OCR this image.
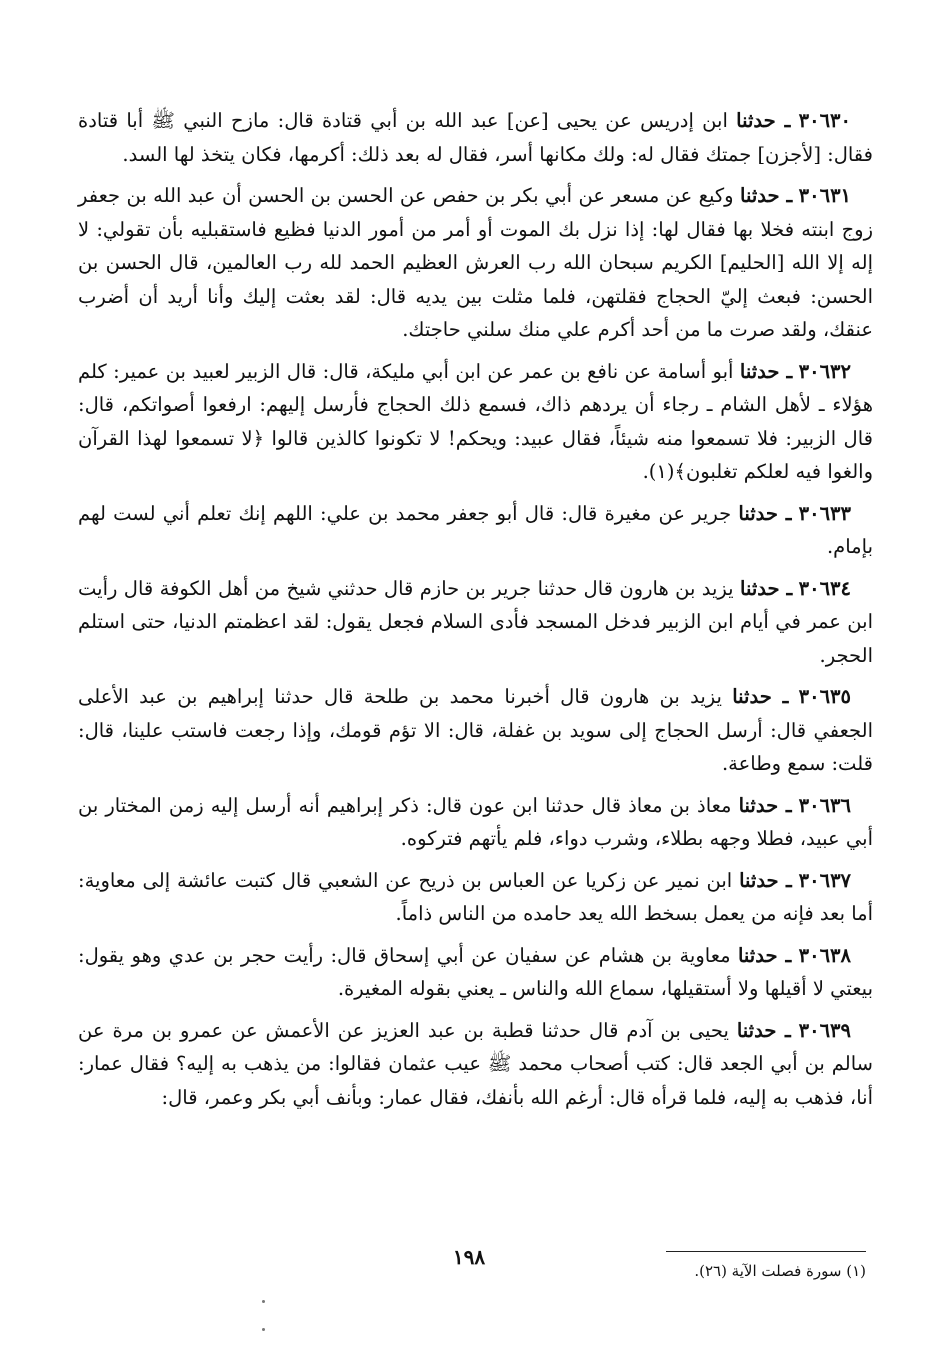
٣٠٦٣٠ ـ حدثنا ابن إدريس عن يحيى [عن] عبد الله بن أبي قتادة قال: مازح النبي ﷺ أبا قتادة فقال: [لأجزن] جمتك فقال له: ولك مكانها أسر، فقال له بعد ذلك: أكرمها، فكان يتخذ لها السد.

٣٠٦٣١ ـ حدثنا وكيع عن مسعر عن أبي بكر بن حفص عن الحسن بن الحسن أن عبد الله بن جعفر زوج ابنته فخلا بها فقال لها: إذا نزل بك الموت أو أمر من أمور الدنيا فظيع فاستقبليه بأن تقولي: لا إله إلا الله [الحليم] الكريم سبحان الله رب العرش العظيم الحمد لله رب العالمين، قال الحسن بن الحسن: فبعث إليّ الحجاج فقلتهن، فلما مثلت بين يديه قال: لقد بعثت إليك وأنا أريد أن أضرب عنقك، ولقد صرت ما من أحد أكرم علي منك سلني حاجتك.

٣٠٦٣٢ ـ حدثنا أبو أسامة عن نافع بن عمر عن ابن أبي مليكة، قال: قال الزبير لعبيد بن عمير: كلم هؤلاء ـ لأهل الشام ـ رجاء أن يردهم ذاك، فسمع ذلك الحجاج فأرسل إليهم: ارفعوا أصواتكم، قال: قال الزبير: فلا تسمعوا منه شيئاً، فقال عبيد: ويحكم! لا تكونوا كالذين قالوا ﴿لا تسمعوا لهذا القرآن والغوا فيه لعلكم تغلبون﴾(١).

٣٠٦٣٣ ـ حدثنا جرير عن مغيرة قال: قال أبو جعفر محمد بن علي: اللهم إنك تعلم أني لست لهم بإمام.

٣٠٦٣٤ ـ حدثنا يزيد بن هارون قال حدثنا جرير بن حازم قال حدثني شيخ من أهل الكوفة قال رأيت ابن عمر في أيام ابن الزبير فدخل المسجد فأدى السلام فجعل يقول: لقد اعظمتم الدنيا، حتى استلم الحجر.

٣٠٦٣٥ ـ حدثنا يزيد بن هارون قال أخبرنا محمد بن طلحة قال حدثنا إبراهيم بن عبد الأعلى الجعفي قال: أرسل الحجاج إلى سويد بن غفلة، قال: الا تؤم قومك، وإذا رجعت فاستب علينا، قال: قلت: سمع وطاعة.

٣٠٦٣٦ ـ حدثنا معاذ بن معاذ قال حدثنا ابن عون قال: ذكر إبراهيم أنه أرسل إليه زمن المختار بن أبي عبيد، فطلا وجهه بطلاء، وشرب دواء، فلم يأتهم فتركوه.

٣٠٦٣٧ ـ حدثنا ابن نمير عن زكريا عن العباس بن ذريح عن الشعبي قال كتبت عائشة إلى معاوية: أما بعد فإنه من يعمل بسخط الله يعد حامده من الناس ذاماً.

٣٠٦٣٨ ـ حدثنا معاوية بن هشام عن سفيان عن أبي إسحاق قال: رأيت حجر بن عدي وهو يقول: بيعتي لا أقيلها ولا أستقيلها، سماع الله والناس ـ يعني بقوله المغيرة.

٣٠٦٣٩ ـ حدثنا يحيى بن آدم قال حدثنا قطبة بن عبد العزيز عن الأعمش عن عمرو بن مرة عن سالم بن أبي الجعد قال: كتب أصحاب محمد ﷺ عيب عثمان فقالوا: من يذهب به إليه؟ فقال عمار: أنا، فذهب به إليه، فلما قرأه قال: أرغم الله بأنفك، فقال عمار: وبأنف أبي بكر وعمر، قال:

١٩٨
(١) سورة فصلت الآية (٢٦).
